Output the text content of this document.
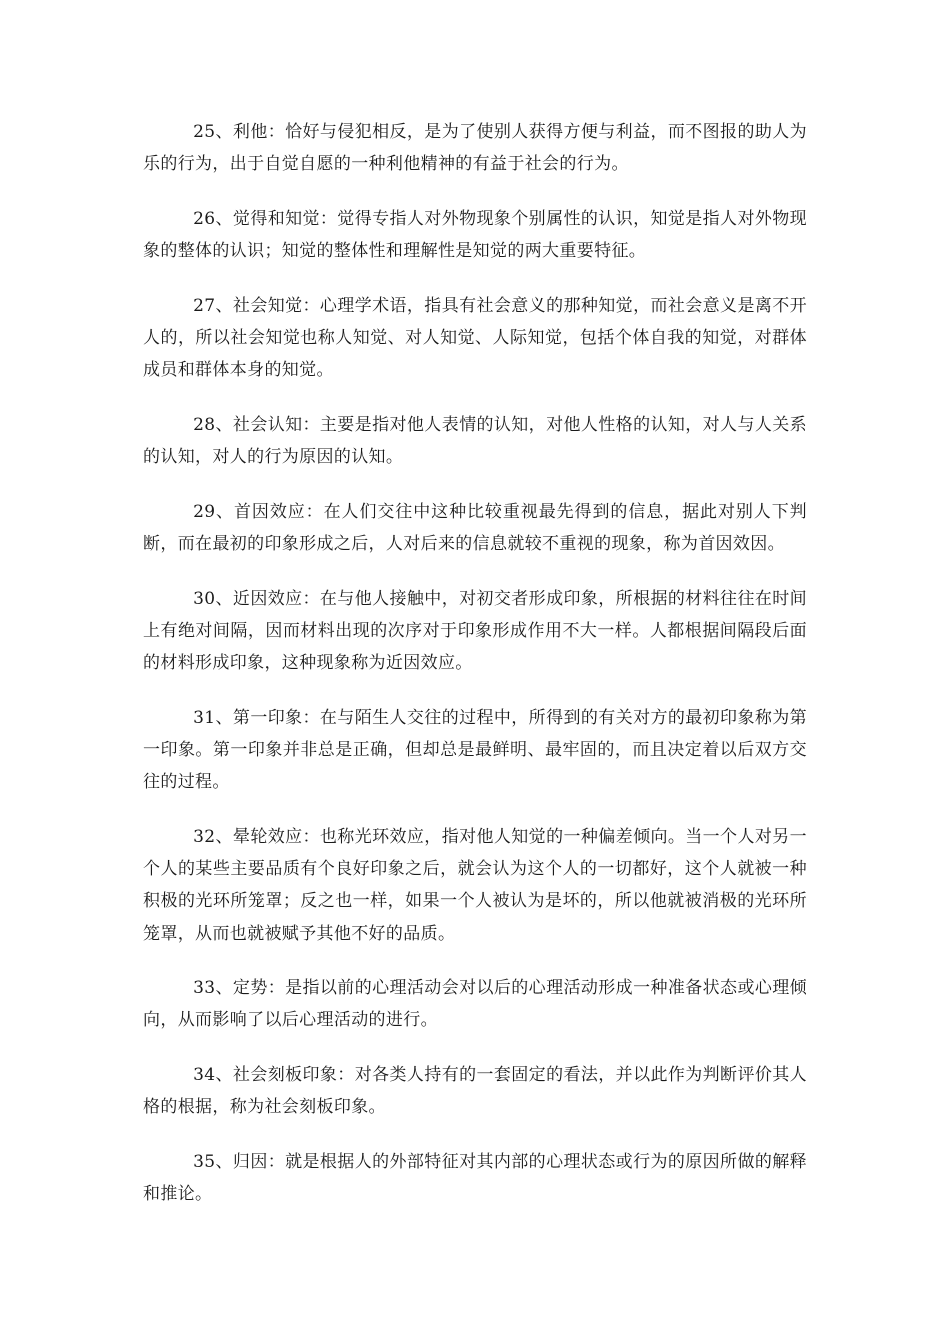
25、利他：恰好与侵犯相反，是为了使别人获得方便与利益，而不图报的助人为乐的行为，出于自觉自愿的一种利他精神的有益于社会的行为。

26、觉得和知觉：觉得专指人对外物现象个别属性的认识，知觉是指人对外物现象的整体的认识；知觉的整体性和理解性是知觉的两大重要特征。

27、社会知觉：心理学术语，指具有社会意义的那种知觉，而社会意义是离不开人的，所以社会知觉也称人知觉、对人知觉、人际知觉，包括个体自我的知觉，对群体成员和群体本身的知觉。

28、社会认知：主要是指对他人表情的认知，对他人性格的认知，对人与人关系的认知，对人的行为原因的认知。

29、首因效应：在人们交往中这种比较重视最先得到的信息，据此对别人下判断，而在最初的印象形成之后，人对后来的信息就较不重视的现象，称为首因效因。

30、近因效应：在与他人接触中，对初交者形成印象，所根据的材料往往在时间上有绝对间隔，因而材料出现的次序对于印象形成作用不大一样。人都根据间隔段后面的材料形成印象，这种现象称为近因效应。

31、第一印象：在与陌生人交往的过程中，所得到的有关对方的最初印象称为第一印象。第一印象并非总是正确，但却总是最鲜明、最牢固的，而且决定着以后双方交往的过程。

32、晕轮效应：也称光环效应，指对他人知觉的一种偏差倾向。当一个人对另一个人的某些主要品质有个良好印象之后，就会认为这个人的一切都好，这个人就被一种积极的光环所笼罩；反之也一样，如果一个人被认为是坏的，所以他就被消极的光环所笼罩，从而也就被赋予其他不好的品质。

33、定势：是指以前的心理活动会对以后的心理活动形成一种准备状态或心理倾向，从而影响了以后心理活动的进行。

34、社会刻板印象：对各类人持有的一套固定的看法，并以此作为判断评价其人格的根据，称为社会刻板印象。

35、归因：就是根据人的外部特征对其内部的心理状态或行为的原因所做的解释和推论。
